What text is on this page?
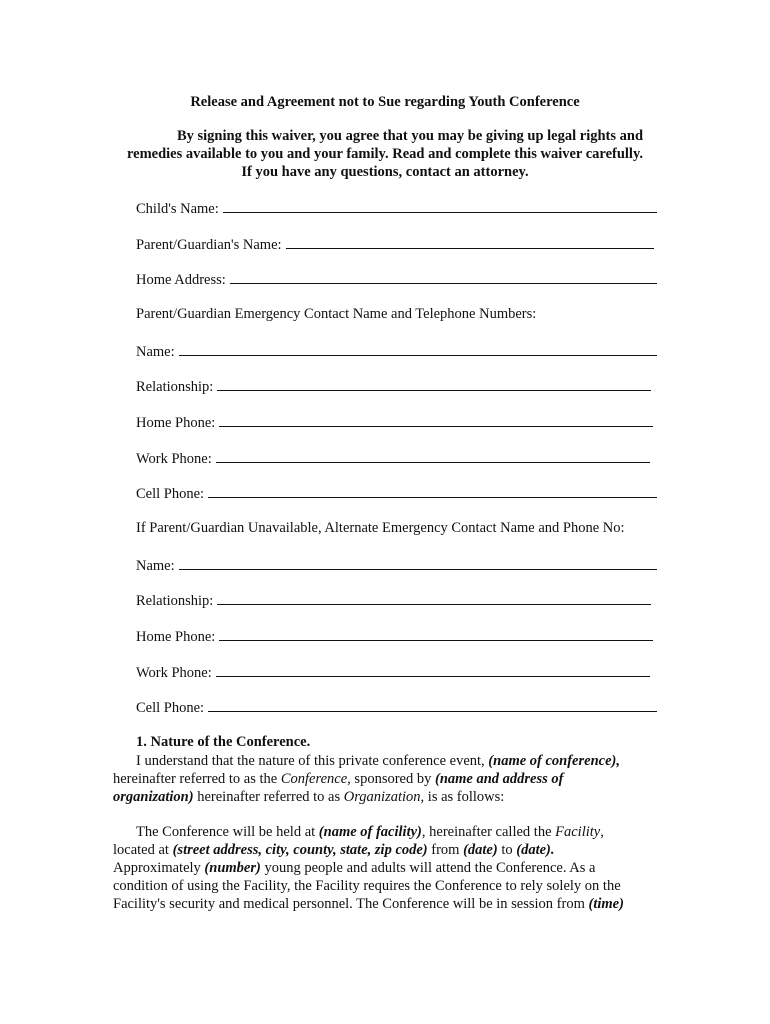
Release and Agreement not to Sue regarding Youth Conference
By signing this waiver, you agree that you may be giving up legal rights and
remedies available to you and your family. Read and complete this waiver carefully.
If you have any questions, contact an attorney.
Child's Name:
Parent/Guardian's Name:
Home Address:
Parent/Guardian Emergency Contact Name and Telephone Numbers:
Name:
Relationship:
Home Phone:
Work Phone:
Cell Phone:
If Parent/Guardian Unavailable, Alternate Emergency Contact Name and Phone No:
Name:
Relationship:
Home Phone:
Work Phone:
Cell Phone:
1. Nature of the Conference.
I understand that the nature of this private conference event, (name of conference),
hereinafter referred to as the Conference, sponsored by (name and address of
organization) hereinafter referred to as Organization, is as follows:
The Conference will be held at (name of facility), hereinafter called the Facility,
located at (street address, city, county, state, zip code) from (date) to (date).
Approximately (number) young people and adults will attend the Conference. As a
condition of using the Facility, the Facility requires the Conference to rely solely on the
Facility's security and medical personnel. The Conference will be in session from (time)
